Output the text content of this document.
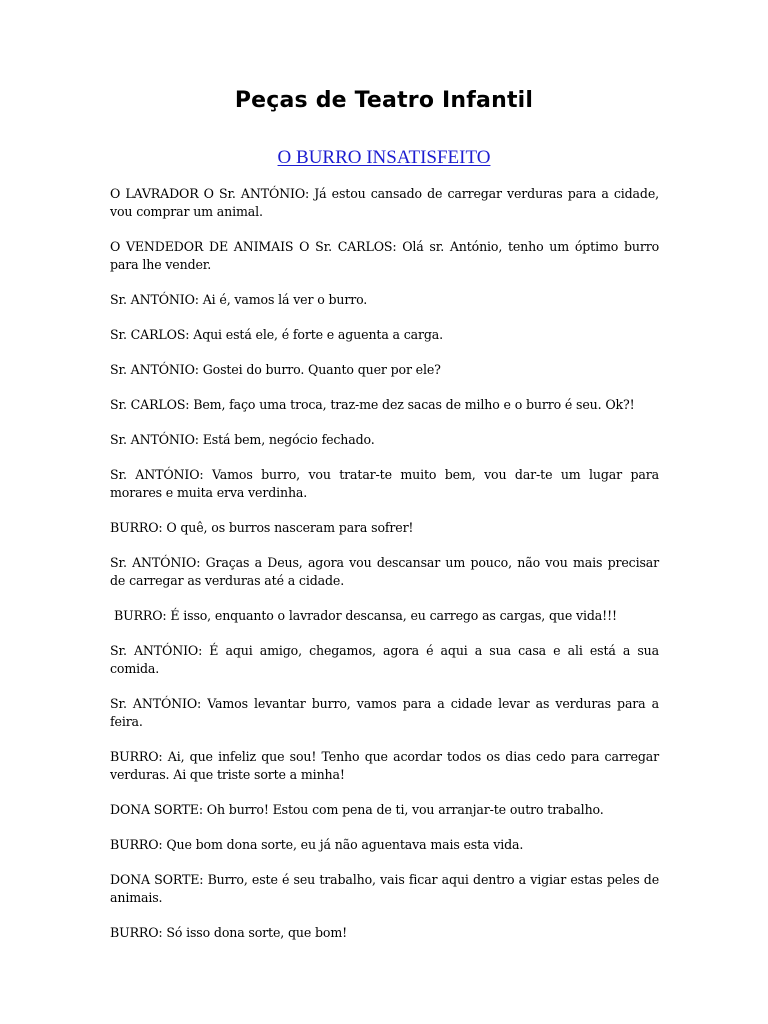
Peças de Teatro Infantil

O BURRO INSATISFEITO

O LAVRADOR O Sr. ANTÓNIO: Já estou cansado de carregar verduras para a cidade, vou comprar um animal.

O VENDEDOR DE ANIMAIS O Sr. CARLOS: Olá sr. António, tenho um óptimo burro para lhe vender.

Sr. ANTÓNIO: Ai é, vamos lá ver o burro.

Sr. CARLOS: Aqui está ele, é forte e aguenta a carga.

Sr. ANTÓNIO: Gostei do burro. Quanto quer por ele?

Sr. CARLOS: Bem, faço uma troca, traz-me dez sacas de milho e o burro é seu. Ok?!

Sr. ANTÓNIO: Está bem, negócio fechado.

Sr. ANTÓNIO: Vamos burro, vou tratar-te muito bem, vou dar-te um lugar para morares e muita erva verdinha.

BURRO: O quê, os burros nasceram para sofrer!

Sr. ANTÓNIO: Graças a Deus, agora vou descansar um pouco, não vou mais precisar de carregar as verduras até a cidade.

BURRO: É isso, enquanto o lavrador descansa, eu carrego as cargas, que vida!!!

Sr. ANTÓNIO: É aqui amigo, chegamos, agora é aqui a sua casa e ali está a sua comida.

Sr. ANTÓNIO: Vamos levantar burro, vamos para a cidade levar as verduras para a feira.

BURRO: Ai, que infeliz que sou! Tenho que acordar todos os dias cedo para carregar verduras. Ai que triste sorte a minha!

DONA SORTE: Oh burro! Estou com pena de ti, vou arranjar-te outro trabalho.

BURRO: Que bom dona sorte, eu já não aguentava mais esta vida.

DONA SORTE: Burro, este é seu trabalho, vais ficar aqui dentro a vigiar estas peles de animais.

BURRO: Só isso dona sorte, que bom!
